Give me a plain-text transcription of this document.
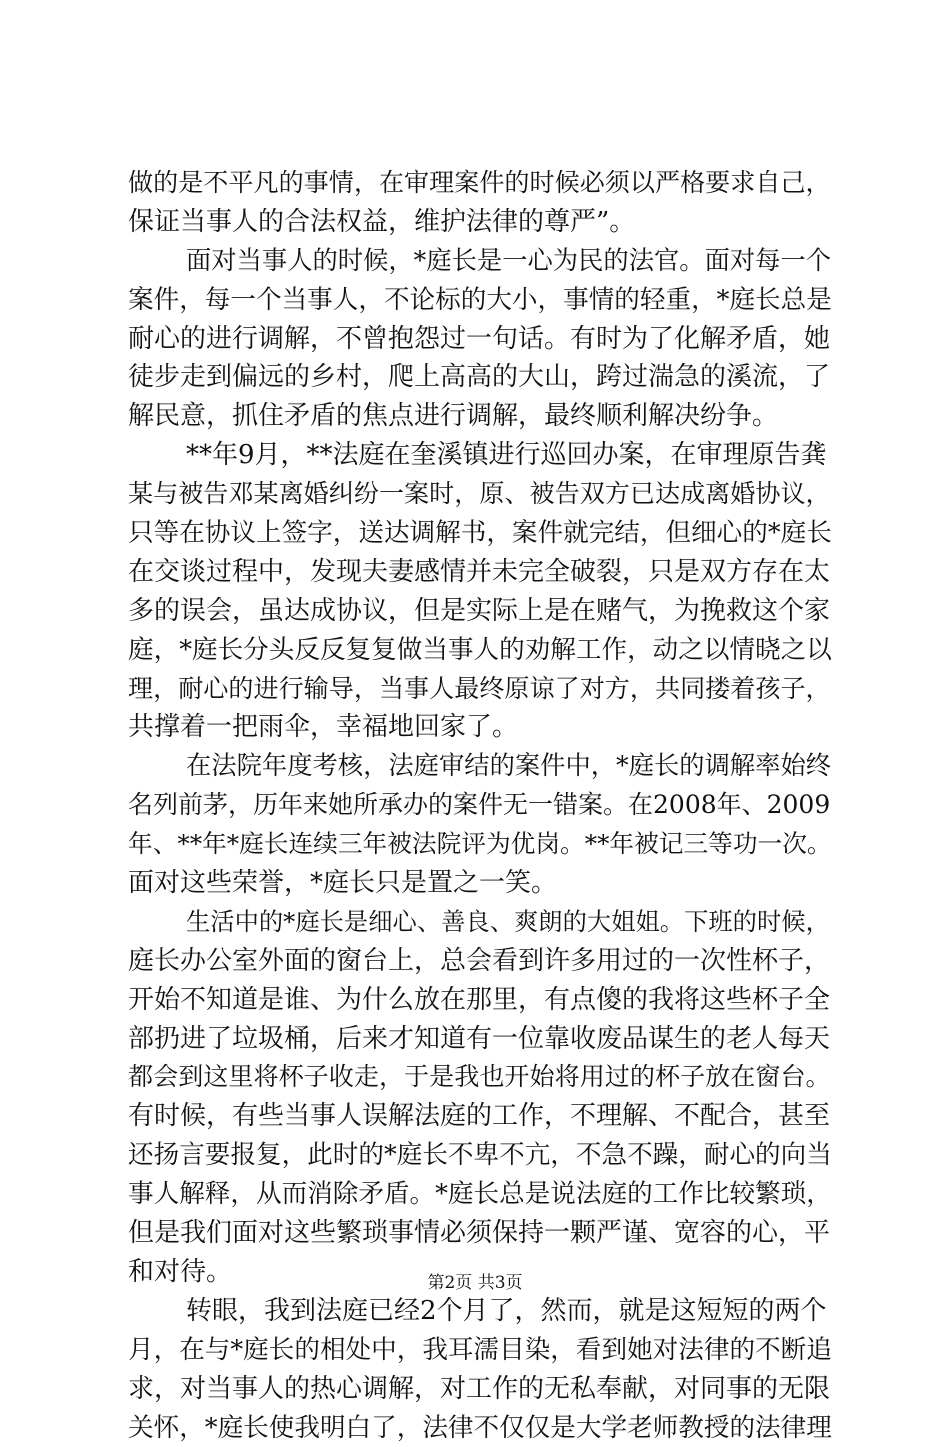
做的是不平凡的事情，在审理案件的时候必须以严格要求自己，
保证当事人的合法权益，维护法律的尊严”。
面对当事人的时候，*庭长是一心为民的法官。面对每一个
案件，每一个当事人，不论标的大小，事情的轻重，*庭长总是
耐心的进行调解，不曾抱怨过一句话。有时为了化解矛盾，她
徒步走到偏远的乡村，爬上高高的大山，跨过湍急的溪流，了
解民意，抓住矛盾的焦点进行调解，最终顺利解决纷争。
**年9月，**法庭在奎溪镇进行巡回办案，在审理原告龚
某与被告邓某离婚纠纷一案时，原、被告双方已达成离婚协议，
只等在协议上签字，送达调解书，案件就完结，但细心的*庭长
在交谈过程中，发现夫妻感情并未完全破裂，只是双方存在太
多的误会，虽达成协议，但是实际上是在赌气，为挽救这个家
庭，*庭长分头反反复复做当事人的劝解工作，动之以情晓之以
理，耐心的进行输导，当事人最终原谅了对方，共同搂着孩子，
共撑着一把雨伞，幸福地回家了。
在法院年度考核，法庭审结的案件中，*庭长的调解率始终
名列前茅，历年来她所承办的案件无一错案。在2008年、2009
年、**年*庭长连续三年被法院评为优岗。**年被记三等功一次。
面对这些荣誉，*庭长只是置之一笑。
生活中的*庭长是细心、善良、爽朗的大姐姐。下班的时候，
庭长办公室外面的窗台上，总会看到许多用过的一次性杯子，
开始不知道是谁、为什么放在那里，有点傻的我将这些杯子全
部扔进了垃圾桶，后来才知道有一位靠收废品谋生的老人每天
都会到这里将杯子收走，于是我也开始将用过的杯子放在窗台。
有时候，有些当事人误解法庭的工作，不理解、不配合，甚至
还扬言要报复，此时的*庭长不卑不亢，不急不躁，耐心的向当
事人解释，从而消除矛盾。*庭长总是说法庭的工作比较繁琐，
但是我们面对这些繁琐事情必须保持一颗严谨、宽容的心，平
和对待。
转眼，我到法庭已经2个月了，然而，就是这短短的两个
月，在与*庭长的相处中，我耳濡目染，看到她对法律的不断追
求，对当事人的热心调解，对工作的无私奉献，对同事的无限
关怀，*庭长使我明白了，法律不仅仅是大学老师教授的法律理
第2页 共3页
